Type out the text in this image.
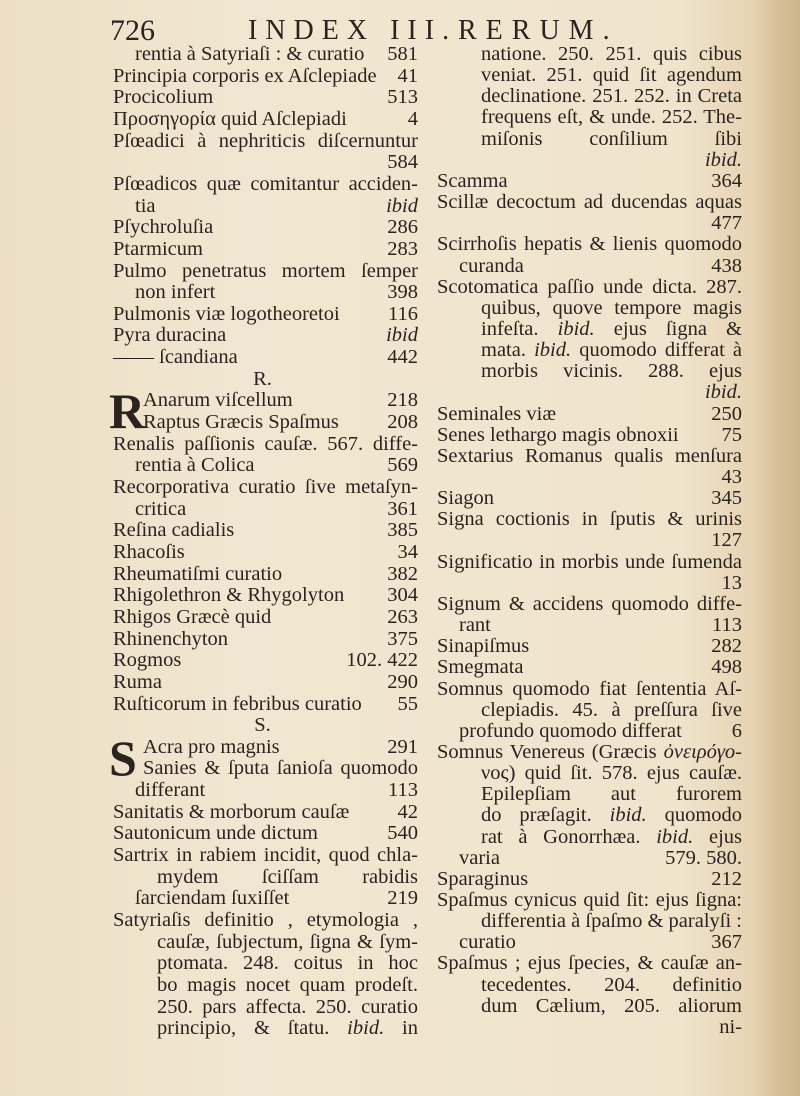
726	INDEX III. RERUM.
rentia à Satyriaſi : & curatio 581
Principia corporis ex Aſclepiade 41
Procicolium	513
Προσηγορία quid Aſclepiadi	4
Pſœadici à nephriticis diſcernuntur
584
Pſœadicos quæ comitantur acciden-
tia	ibid
Pſychroluſia	286
Ptarmicum	283
Pulmo penetratus mortem ſemper
non infert	398
Pulmonis viæ logotheoretoi 116
Pyra duracina	ibid
—— ſcandiana	442
R.
Anarum viſcellum	218
R
Raptus Græcis Spaſmus 208
Renalis paſſionis cauſæ. 567. diffe-
rentia à Colica	569
Recorporativa curatio ſive metaſyn-
critica	361
Reſina cadialis	385
Rhacoſis	34
Rheumatiſmi curatio	382
Rhigolethron & Rhygolyton 304
Rhigos Græcè quid	263
Rhinenchyton	375
Rogmos	102. 422
Ruma	290
Ruſticorum in febribus curatio 55
S.
Acra pro magnis	291
S Sanies & ſputa ſanioſa quomodo
differant	113
Sanitatis & morborum cauſæ 42
Sautonicum unde dictum	540
Sartrix in rabiem incidit, quod chla-
mydem ſciſſam rabidis
ſarciendam ſuxiſſet	219
Satyriaſis definitio , etymologia ,
cauſæ, ſubjectum, ſigna & ſym-
ptomata. 248. coitus in hoc
bo magis nocet quam prodeſt.
250. pars affecta. 250. curatio
principio, & ſtatu. ibid. in
natione. 250. 251. quis cibus
veniat. 251. quid ſit agendum
declinatione. 251. 252. in Creta
frequens eſt, & unde. 252. The-
miſonis conſilium ſibi
ibid.
Scamma	364
Scillæ decoctum ad ducendas aquas
477
Scirrhoſis hepatis & lienis quomodo
curanda	438
Scotomatica paſſio unde dicta. 287.
quibus, quove tempore magis
infeſta. ibid. ejus ſigna &
mata. ibid. quomodo differat à
morbis vicinis. 288. ejus
ibid.
Seminales viæ	250
Senes lethargo magis obnoxii 75
Sextarius Romanus qualis menſura
43
Siagon	345
Signa coctionis in ſputis & urinis
127
Significatio in morbis unde ſumenda
13
Signum & accidens quomodo diffe-
rant	113
Sinapiſmus	282
Smegmata	498
Somnus quomodo fiat ſententia Aſ-
clepiadis. 45. à preſſura ſive
profundo quomodo differat 6
Somnus Venereus (Græcis ὀνειρόγο-
νος) quid ſit. 578. ejus cauſæ.
Epilepſiam aut furorem
do præſagit. ibid. quomodo
rat à Gonorrhæa. ibid. ejus
varia	579. 580.
Sparaginus	212
Spaſmus cynicus quid ſit: ejus ſigna:
differentia à ſpaſmo & paralyſi :
curatio	367
Spaſmus ; ejus ſpecies, & cauſæ an-
tecedentes. 204. definitio
dum Cælium, 205. aliorum
ni-
